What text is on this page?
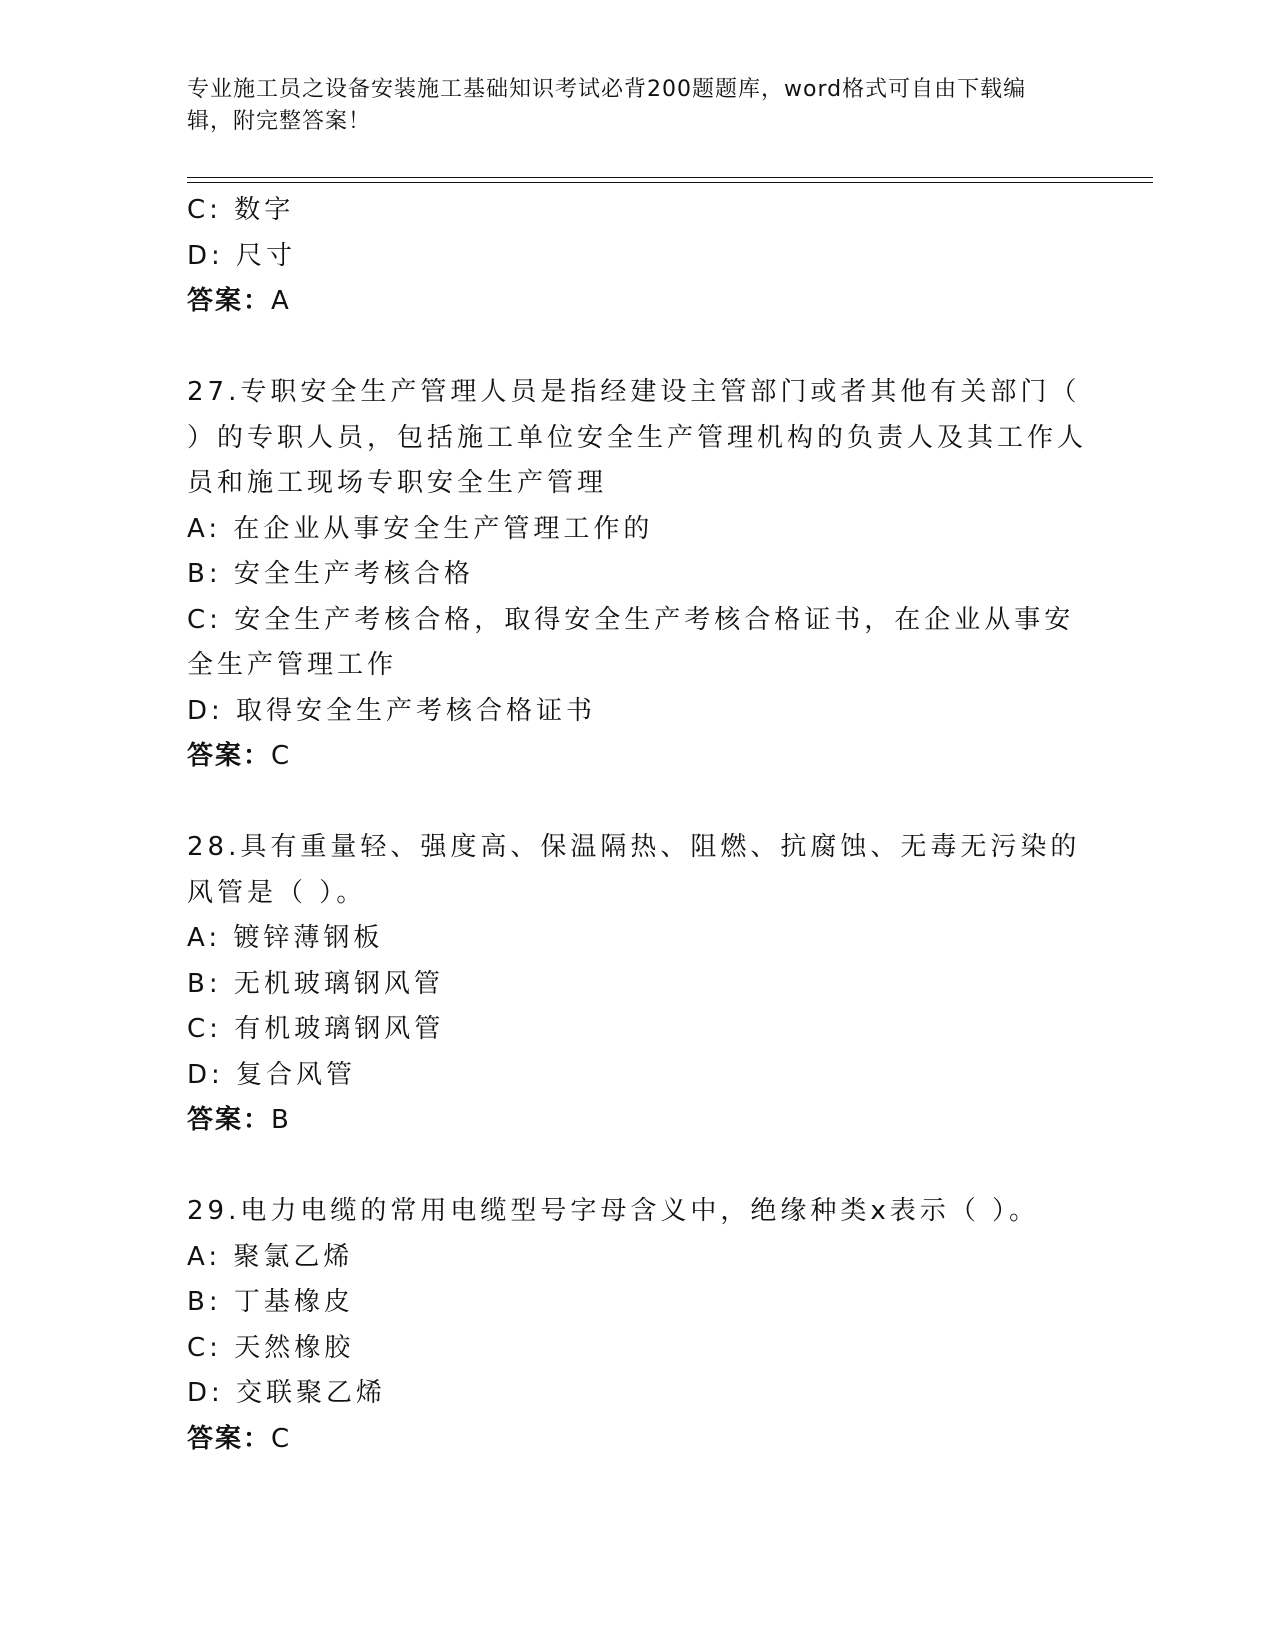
专业施工员之设备安装施工基础知识考试必背200题题库，word格式可自由下载编辑，附完整答案！
C: 数字
D: 尺寸
答案：A
27.专职安全生产管理人员是指经建设主管部门或者其他有关部门（ ）的专职人员，包括施工单位安全生产管理机构的负责人及其工作人员和施工现场专职安全生产管理
A: 在企业从事安全生产管理工作的
B: 安全生产考核合格
C: 安全生产考核合格，取得安全生产考核合格证书，在企业从事安全生产管理工作
D: 取得安全生产考核合格证书
答案：C
28.具有重量轻、强度高、保温隔热、阻燃、抗腐蚀、无毒无污染的风管是（ ）。
A: 镀锌薄钢板
B: 无机玻璃钢风管
C: 有机玻璃钢风管
D: 复合风管
答案：B
29.电力电缆的常用电缆型号字母含义中，绝缘种类x表示（ ）。
A: 聚氯乙烯
B: 丁基橡皮
C: 天然橡胶
D: 交联聚乙烯
答案：C
